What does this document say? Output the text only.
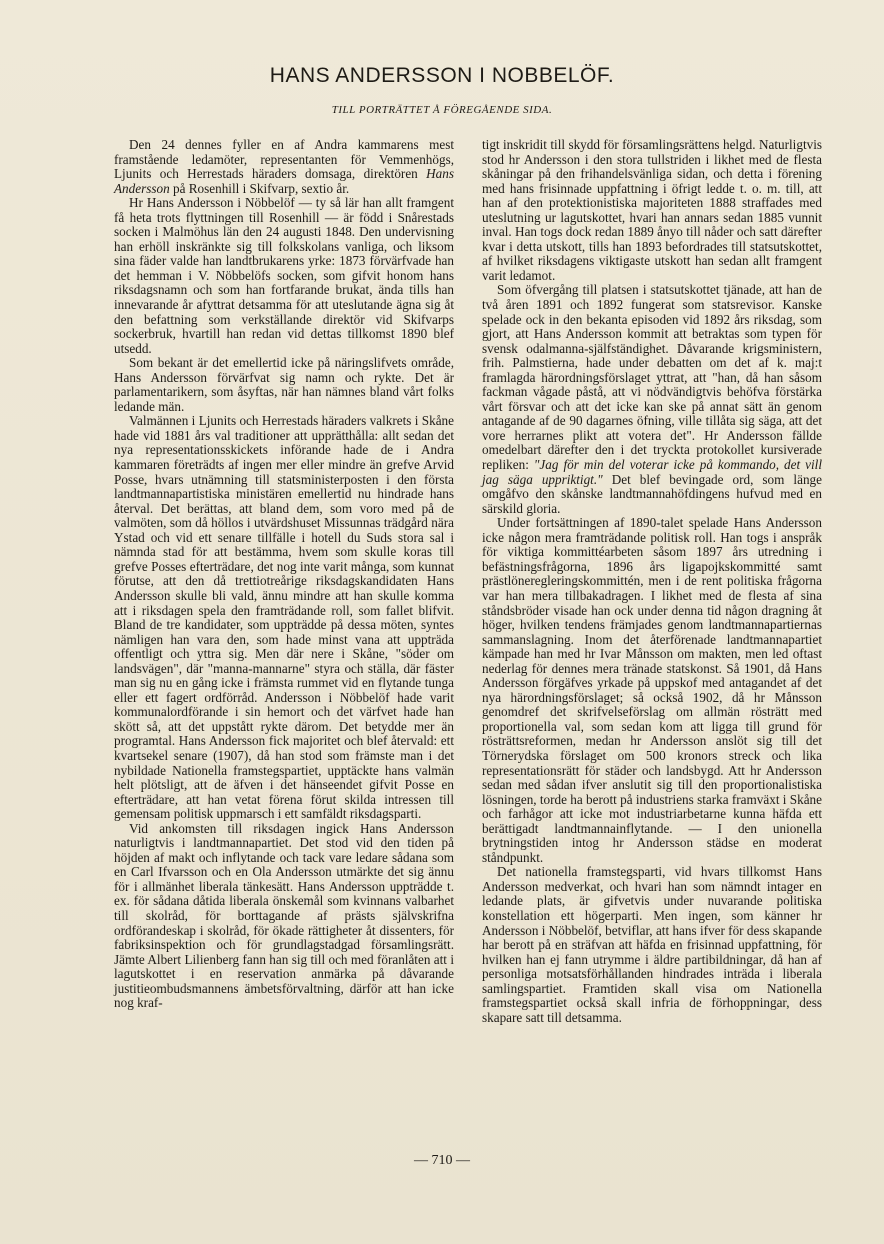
HANS ANDERSSON I NOBBELÖF.
TILL PORTRÄTTET Å FÖREGÅENDE SIDA.

Den 24 dennes fyller en af Andra kammarens mest framstående ledamöter, representanten för Vemmenhögs, Ljunits och Herrestads häraders domsaga, direktören Hans Andersson på Rosenhill i Skifvarp, sextio år.

Hr Hans Andersson i Nöbbelöf — ty så lär han allt framgent få heta trots flyttningen till Rosenhill — är född i Snårestads socken i Malmöhus län den 24 augusti 1848. Den undervisning han erhöll inskränkte sig till folkskolans vanliga, och liksom sina fäder valde han landtbrukarens yrke: 1873 förvärfvade han det hemman i V. Nöbbelöfs socken, som gifvit honom hans riksdagsnamn och som han fortfarande brukat, ända tills han innevarande år afyttrat detsamma för att uteslutande ägna sig åt den befattning som verkställande direktör vid Skifvarps sockerbruk, hvartill han redan vid dettas tillkomst 1890 blef utsedd.

Som bekant är det emellertid icke på näringslifvets område, Hans Andersson förvärfvat sig namn och rykte. Det är parlamentarikern, som åsyftas, när han nämnes bland vårt folks ledande män.

Valmännen i Ljunits och Herrestads häraders valkrets i Skåne hade vid 1881 års val traditioner att upprätthålla: allt sedan det nya representationsskickets införande hade de i Andra kammaren företrädts af ingen mer eller mindre än grefve Arvid Posse, hvars utnämning till statsministerposten i den första landtmannapartistiska ministären emellertid nu hindrade hans återval. Det berättas, att bland dem, som voro med på de valmöten, som då höllos i utvärdshuset Missunnas trädgård nära Ystad och vid ett senare tillfälle i hotell du Suds stora sal i nämnda stad för att bestämma, hvem som skulle koras till grefve Posses efterträdare, det nog inte varit många, som kunnat förutse, att den då trettiotreårige riksdagskandidaten Hans Andersson skulle bli vald, ännu mindre att han skulle komma att i riksdagen spela den framträdande roll, som fallet blifvit. Bland de tre kandidater, som uppträdde på dessa möten, syntes nämligen han vara den, som hade minst vana att uppträda offentligt och yttra sig. Men där nere i Skåne, "söder om landsvägen", där "manna-mannarne" styra och ställa, där fäster man sig nu en gång icke i främsta rummet vid en flytande tunga eller ett fagert ordförråd. Andersson i Nöbbelöf hade varit kommunalordförande i sin hemort och det värfvet hade han skött så, att det uppstått rykte därom. Det betydde mer än programtal. Hans Andersson fick majoritet och blef återvald: ett kvartsekel senare (1907), då han stod som främste man i det nybildade Nationella framstegspartiet, upptäckte hans valmän helt plötsligt, att de äfven i det hänseendet gifvit Posse en efterträdare, att han vetat förena förut skilda intressen till gemensam politisk uppmarsch i ett samfäldt riksdagsparti.

Vid ankomsten till riksdagen ingick Hans Andersson naturligtvis i landtmannapartiet. Det stod vid den tiden på höjden af makt och inflytande och tack vare ledare sådana som en Carl Ifvarsson och en Ola Andersson utmärkte det sig ännu för i allmänhet liberala tänkesätt. Hans Andersson uppträdde t. ex. för sådana dåtida liberala önskemål som kvinnans valbarhet till skolråd, för borttagande af prästs självskrifna ordförandeskap i skolråd, för ökade rättigheter åt dissenters, för fabriksinspektion och för grundlagstadgad församlingsrätt. Jämte Albert Lilienberg fann han sig till och med föranlåten att i lagutskottet i en reservation anmärka på dåvarande justitieombudsmannens ämbetsförvaltning, därför att han icke nog kraf-

tigt inskridit till skydd för församlingsrättens helgd. Naturligtvis stod hr Andersson i den stora tullstriden i likhet med de flesta skåningar på den frihandelsvänliga sidan, och detta i förening med hans frisinnade uppfattning i öfrigt ledde t. o. m. till, att han af den protektionistiska majoriteten 1888 straffades med uteslutning ur lagutskottet, hvari han annars sedan 1885 vunnit inval. Han togs dock redan 1889 ånyo till nåder och satt därefter kvar i detta utskott, tills han 1893 befordrades till statsutskottet, af hvilket riksdagens viktigaste utskott han sedan allt framgent varit ledamot.

Som öfvergång till platsen i statsutskottet tjänade, att han de två åren 1891 och 1892 fungerat som statsrevisor. Kanske spelade ock in den bekanta episoden vid 1892 års riksdag, som gjort, att Hans Andersson kommit att betraktas som typen för svensk odalmanna-själfständighet. Dåvarande krigsministern, frih. Palmstierna, hade under debatten om det af k. maj:t framlagda härordningsförslaget yttrat, att "han, då han såsom fackman vågade påstå, att vi nödvändigtvis behöfva förstärka vårt försvar och att det icke kan ske på annat sätt än genom antagande af de 90 dagarnes öfning, ville tillåta sig säga, att det vore herrarnes plikt att votera det". Hr Andersson fällde omedelbart därefter den i det tryckta protokollet kursiverade repliken: "Jag för min del voterar icke på kommando, det vill jag säga uppriktigt." Det blef bevingade ord, som länge omgåfvo den skånske landtmannahöfdingens hufvud med en särskild gloria.

Under fortsättningen af 1890-talet spelade Hans Andersson icke någon mera framträdande politisk roll. Han togs i anspråk för viktiga kommittéarbeten såsom 1897 års utredning i befästningsfrågorna, 1896 års ligapojkskommitté samt prästlöneregleringskommittén, men i de rent politiska frågorna var han mera tillbakadragen. I likhet med de flesta af sina ståndsbröder visade han ock under denna tid någon dragning åt höger, hvilken tendens främjades genom landtmannapartiernas sammanslagning. Inom det återförenade landtmannapartiet kämpade han med hr Ivar Månsson om makten, men led oftast nederlag för dennes mera tränade statskonst. Så 1901, då Hans Andersson förgäfves yrkade på uppskof med antagandet af det nya härordningsförslaget; så också 1902, då hr Månsson genomdref det skrifvelseförslag om allmän rösträtt med proportionella val, som sedan kom att ligga till grund för rösträttsreformen, medan hr Andersson anslöt sig till det Törnerydska förslaget om 500 kronors streck och lika representationsrätt för städer och landsbygd. Att hr Andersson sedan med sådan ifver anslutit sig till den proportionalistiska lösningen, torde ha berott på industriens starka framväxt i Skåne och farhågor att icke mot industriarbetarne kunna häfda ett berättigadt landtmannainflytande. — I den unionella brytningstiden intog hr Andersson städse en moderat ståndpunkt.

Det nationella framstegsparti, vid hvars tillkomst Hans Andersson medverkat, och hvari han som nämndt intager en ledande plats, är gifvetvis under nuvarande politiska konstellation ett högerparti. Men ingen, som känner hr Andersson i Nöbbelöf, betviflar, att hans ifver för dess skapande har berott på en sträfvan att häfda en frisinnad uppfattning, för hvilken han ej fann utrymme i äldre partibildningar, då han af personliga motsatsförhållanden hindrades inträda i liberala samlingspartiet. Framtiden skall visa om Nationella framstegspartiet också skall infria de förhoppningar, dess skapare satt till detsamma.

— 710 —
